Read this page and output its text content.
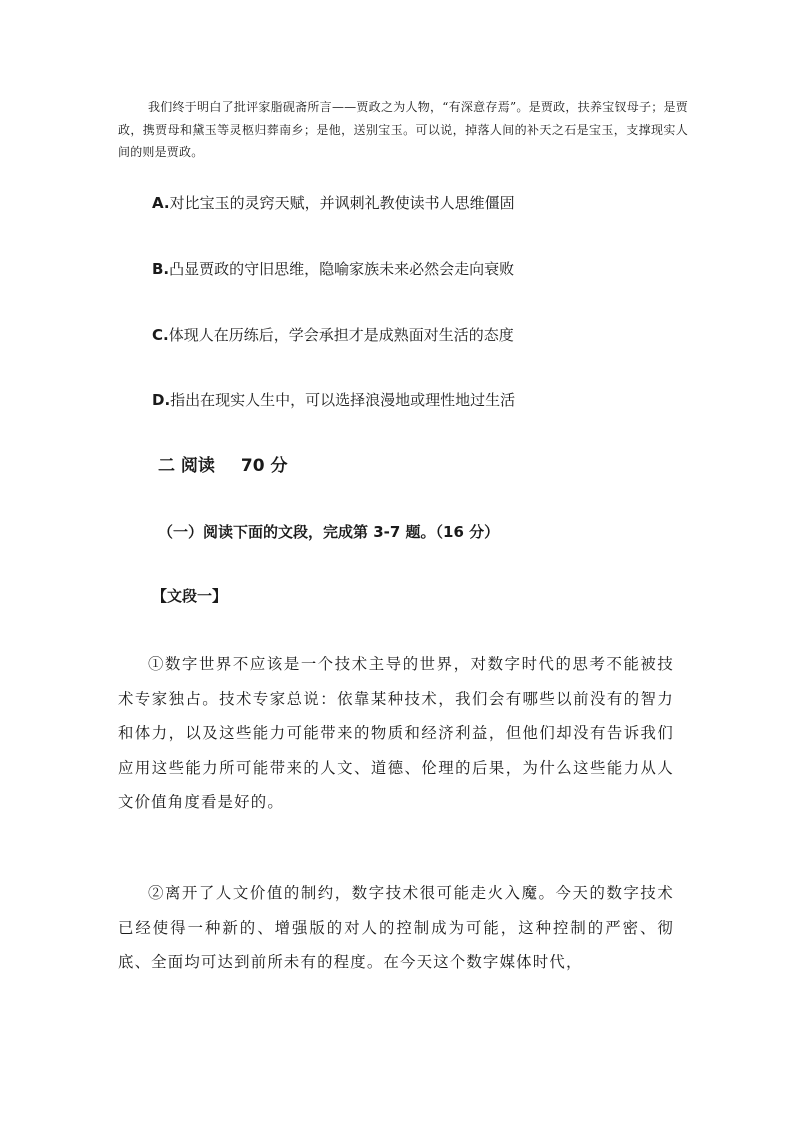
我们终于明白了批评家脂砚斋所言——贾政之为人物，“有深意存焉”。是贾政，扶养宝钗母子；是贾政，携贾母和黛玉等灵柩归葬南乡；是他，送别宝玉。可以说，掉落人间的补天之石是宝玉，支撑现实人间的则是贾政。

A.对比宝玉的灵窍天赋，并讽刺礼教使读书人思维僵固

B.凸显贾政的守旧思维，隐喻家族未来必然会走向衰败

C.体现人在历练后，学会承担才是成熟面对生活的态度

D.指出在现实人生中，可以选择浪漫地或理性地过生活

二 阅读 70 分

（一）阅读下面的文段，完成第 3-7 题。（16 分）

【文段一】

①数字世界不应该是一个技术主导的世界，对数字时代的思考不能被技术专家独占。技术专家总说：依靠某种技术，我们会有哪些以前没有的智力和体力，以及这些能力可能带来的物质和经济利益，但他们却没有告诉我们应用这些能力所可能带来的人文、道德、伦理的后果，为什么这些能力从人文价值角度看是好的。

②离开了人文价值的制约，数字技术很可能走火入魔。今天的数字技术已经使得一种新的、增强版的对人的控制成为可能，这种控制的严密、彻底、全面均可达到前所未有的程度。在今天这个数字媒体时代，
